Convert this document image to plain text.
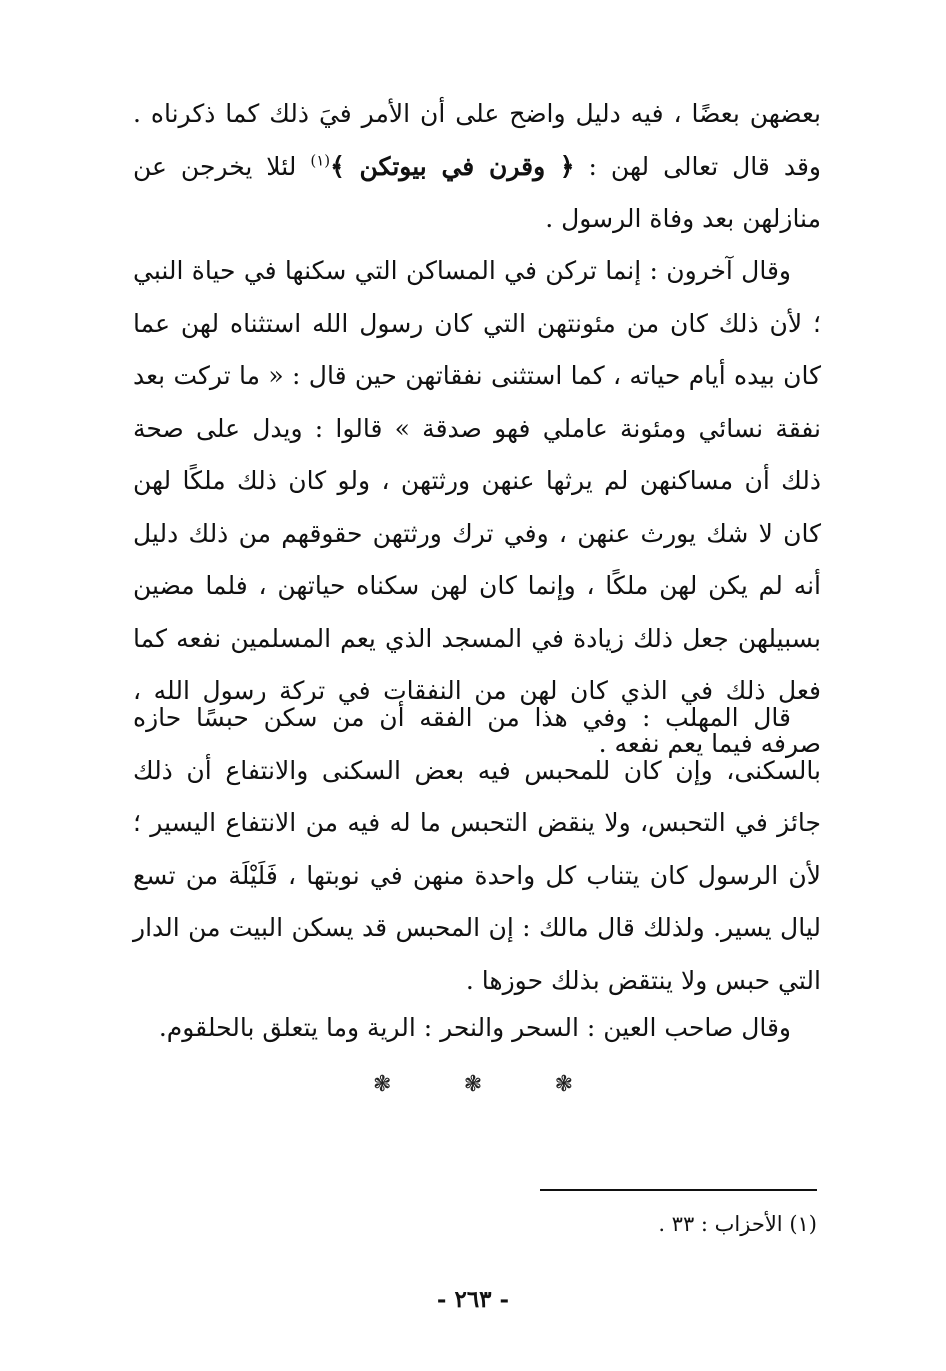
بعضهن بعضًا ، فيه دليل واضح على أن الأمر فيَ ذلك كما ذكرناه . وقد قال تعالى لهن : ﴿ وقرن في بيوتكن ﴾$^{(١)}$ لئلا يخرجن عن منازلهن بعد وفاة الرسول .

وقال آخرون : إنما تركن في المساكن التي سكنها في حياة النبي ؛ لأن ذلك كان من مئونتهن التي كان رسول الله استثناه لهن عما كان بيده أيام حياته ، كما استثنى نفقاتهن حين قال : « ما تركت بعد نفقة نسائي ومئونة عاملي فهو صدقة » قالوا : ويدل على صحة ذلك أن مساكنهن لم يرثها عنهن ورثتهن ، ولو كان ذلك ملكًا لهن كان لا شك يورث عنهن ، وفي ترك ورثتهن حقوقهم من ذلك دليل أنه لم يكن لهن ملكًا ، وإنما كان لهن سكناه حياتهن ، فلما مضين بسبيلهن جعل ذلك زيادة في المسجد الذي يعم المسلمين نفعه كما فعل ذلك في الذي كان لهن من النفقات في تركة رسول الله ، صرفه فيما يعم نفعه .

قال المهلب : وفي هذا من الفقه أن من سكن حبسًا حازه بالسكنى، وإن كان للمحبس فيه بعض السكنى والانتفاع أن ذلك جائز في التحبس، ولا ينقض التحبس ما له فيه من الانتفاع اليسير ؛ لأن الرسول كان يتناب كل واحدة منهن في نوبتها ، فَلَيْلَة من تسع ليال يسير. ولذلك قال مالك : إن المحبس قد يسكن البيت من الدار التي حبس ولا ينتقض بذلك حوزها .

وقال صاحب العين : السحر والنحر : الرية وما يتعلق بالحلقوم.

❃	❃	❃
(١) الأحزاب : ٣٣ .
- ٢٦٣ -
